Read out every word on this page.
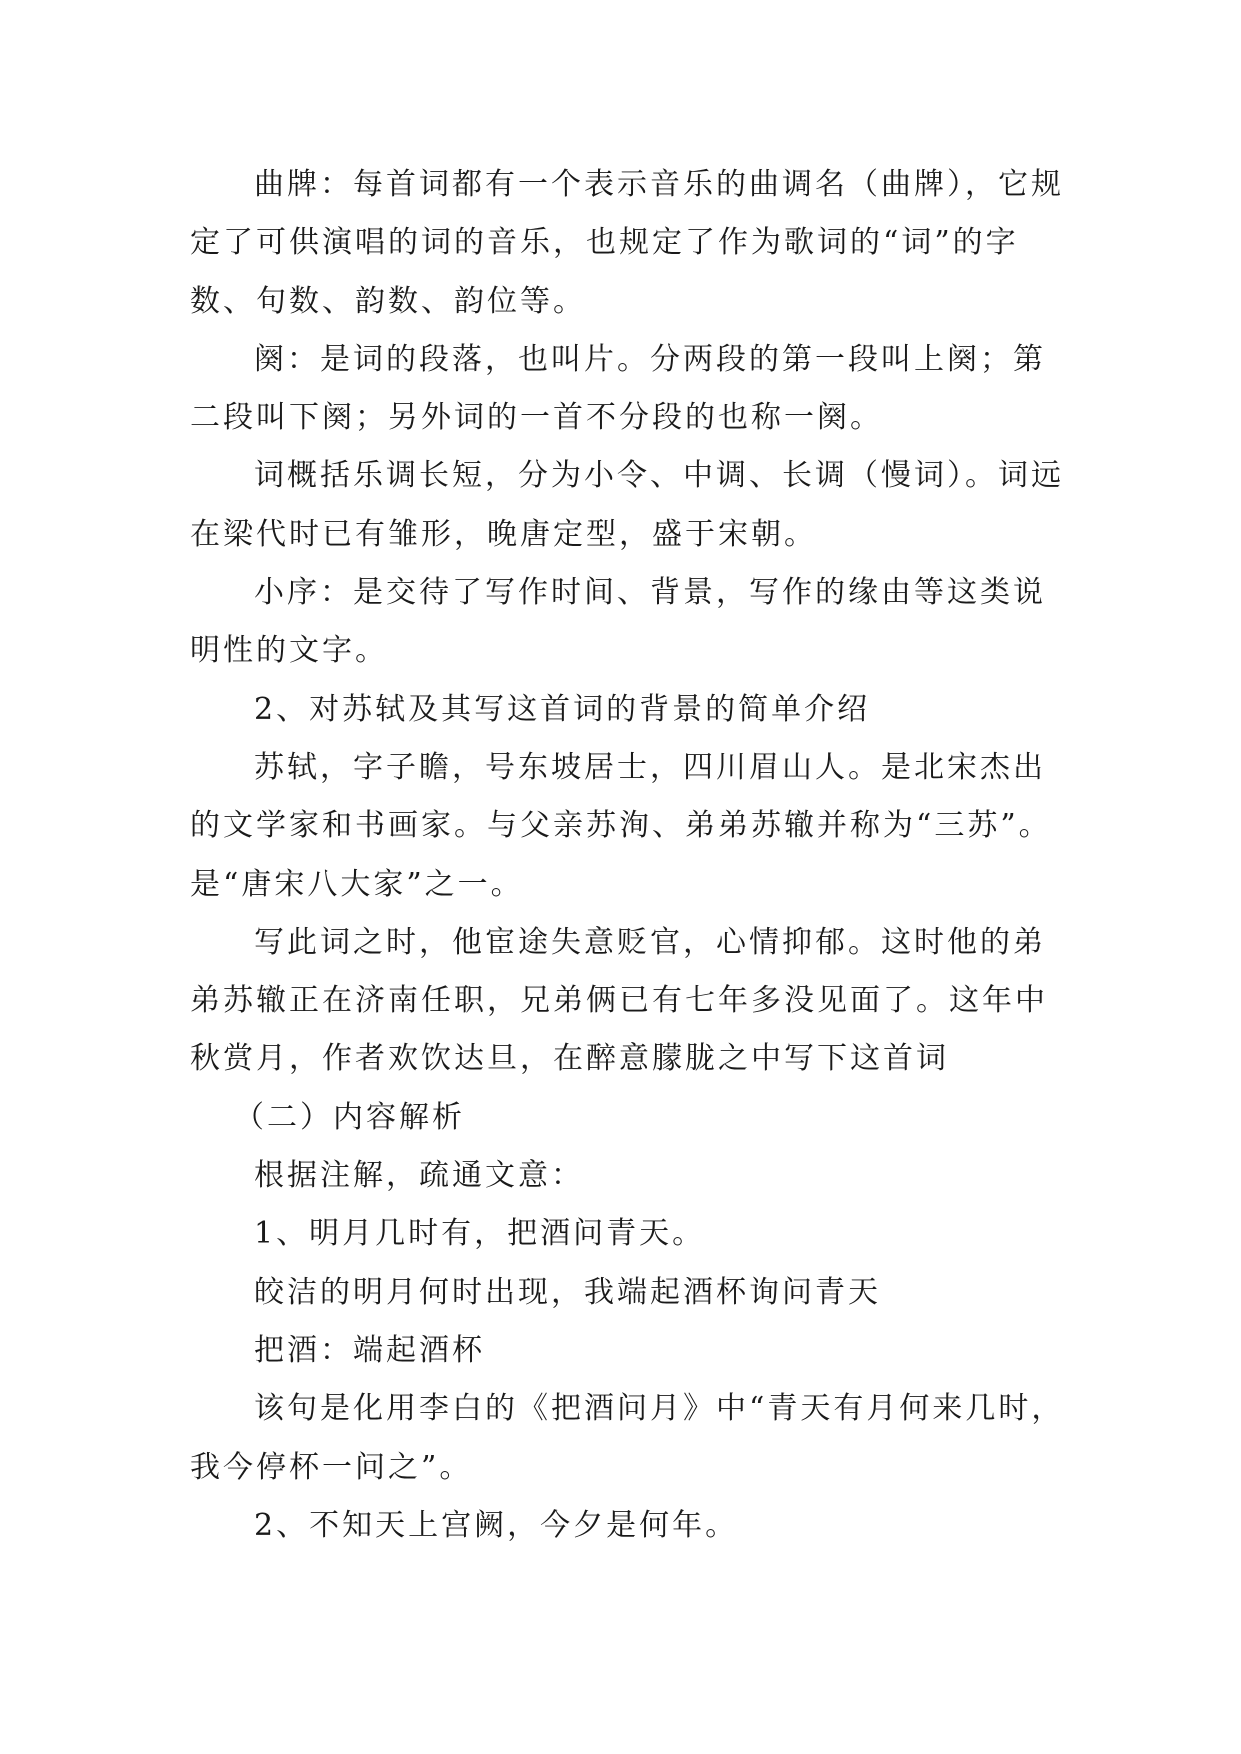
曲牌：每首词都有一个表示音乐的曲调名（曲牌），它规定了可供演唱的词的音乐，也规定了作为歌词的“词”的字数、句数、韵数、韵位等。

阕：是词的段落，也叫片。分两段的第一段叫上阕；第二段叫下阕；另外词的一首不分段的也称一阕。

词概括乐调长短，分为小令、中调、长调（慢词）。词远在梁代时已有雏形，晚唐定型，盛于宋朝。

小序：是交待了写作时间、背景，写作的缘由等这类说明性的文字。

2、对苏轼及其写这首词的背景的简单介绍

苏轼，字子瞻，号东坡居士，四川眉山人。是北宋杰出的文学家和书画家。与父亲苏洵、弟弟苏辙并称为“三苏”。是“唐宋八大家”之一。

写此词之时，他宦途失意贬官，心情抑郁。这时他的弟弟苏辙正在济南任职，兄弟俩已有七年多没见面了。这年中秋赏月，作者欢饮达旦，在醉意朦胧之中写下这首词

（二）内容解析

根据注解，疏通文意：

1、明月几时有，把酒问青天。

皎洁的明月何时出现，我端起酒杯询问青天

把酒：端起酒杯

该句是化用李白的《把酒问月》中“青天有月何来几时，我今停杯一问之”。

2、不知天上宫阙，今夕是何年。
